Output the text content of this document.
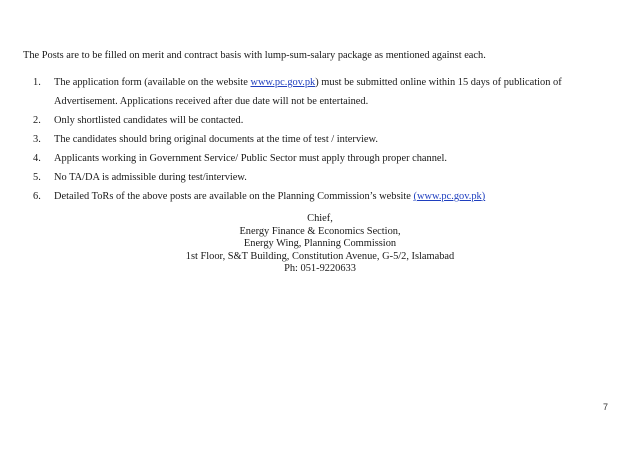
The Posts are to be filled on merit and contract basis with lump-sum-salary package as mentioned against each.

1. The application form (available on the website www.pc.gov.pk) must be submitted online within 15 days of publication of
Advertisement. Applications received after due date will not be entertained.
2. Only shortlisted candidates will be contacted.
3. The candidates should bring original documents at the time of test / interview.
4. Applicants working in Government Service/ Public Sector must apply through proper channel.
5. No TA/DA is admissible during test/interview.
6. Detailed ToRs of the above posts are available on the Planning Commission’s website (www.pc.gov.pk)
Chief,
Energy Finance & Economics Section,
Energy Wing, Planning Commission
1st Floor, S&T Building, Constitution Avenue, G-5/2, Islamabad
Ph: 051-9220633
7
